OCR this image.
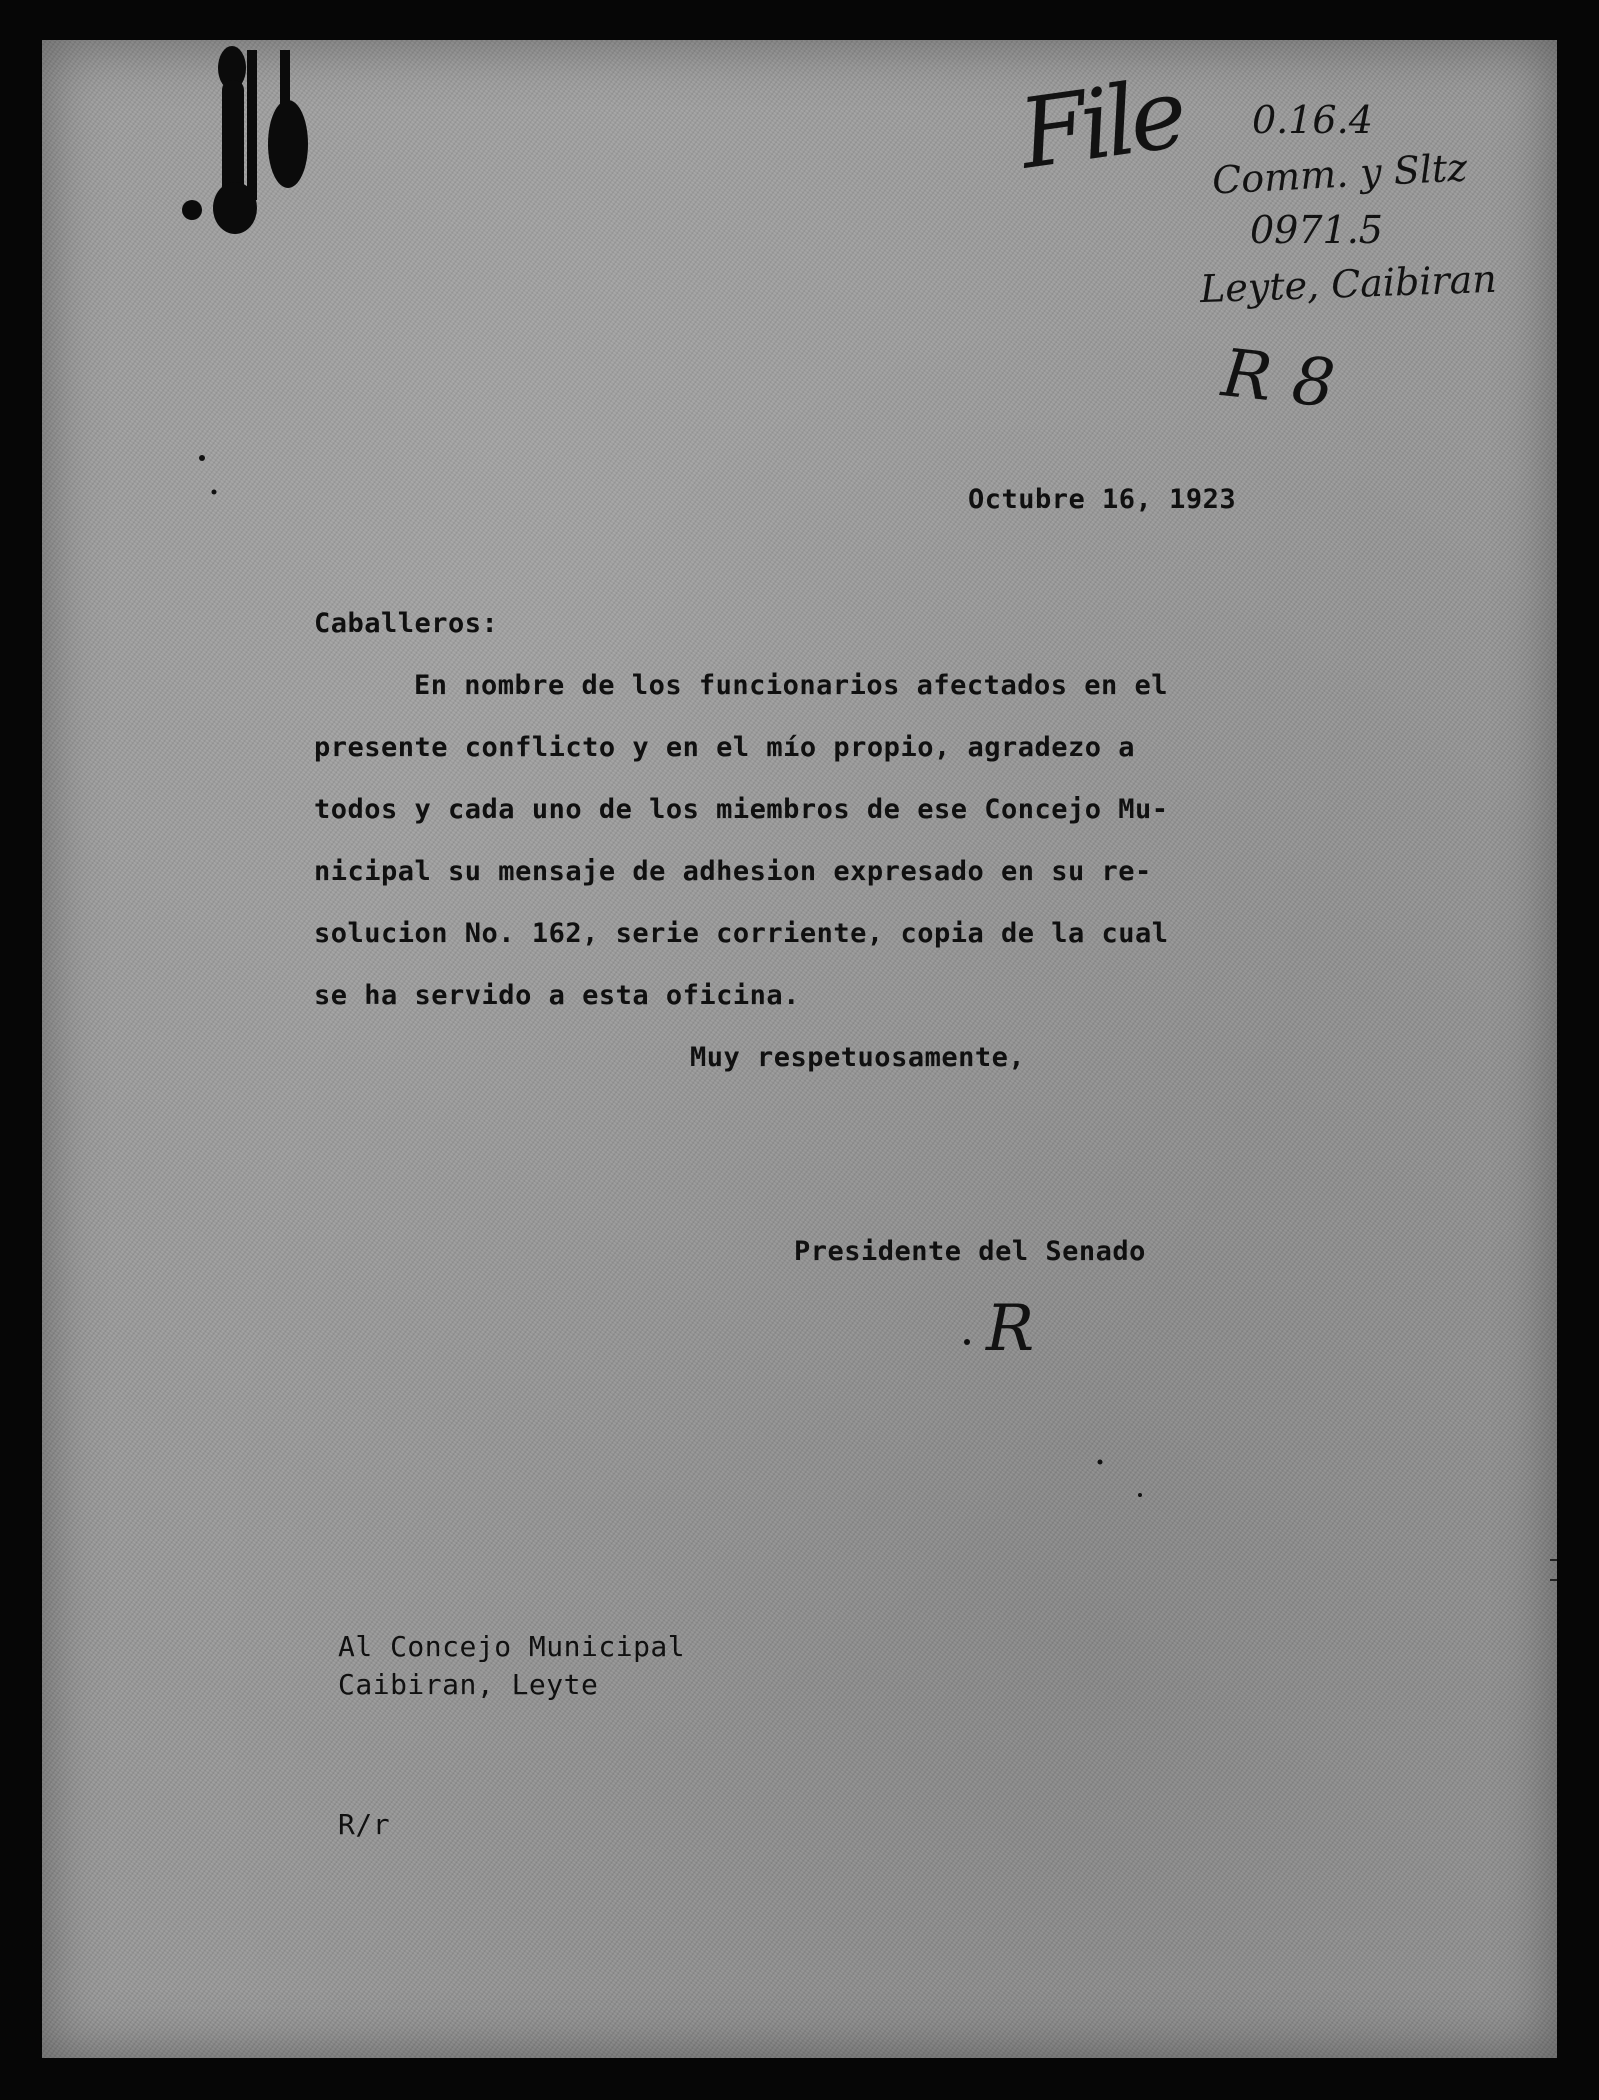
File 0.16.4
Comm. y Sltz
0971.5
Leyte, Caibiran
R 8
Octubre 16, 1923
Caballeros:
En nombre de los funcionarios afectados en el
presente conflicto y en el mío propio, agradezo a
todos y cada uno de los miembros de ese Concejo Mu-
nicipal su mensaje de adhesion expresado en su re-
solucion No. 162, serie corriente, copia de la cual
se ha servido a esta oficina.
Muy respetuosamente,
Presidente del Senado
R
Al Concejo Municipal
Caibiran, Leyte
R/r
